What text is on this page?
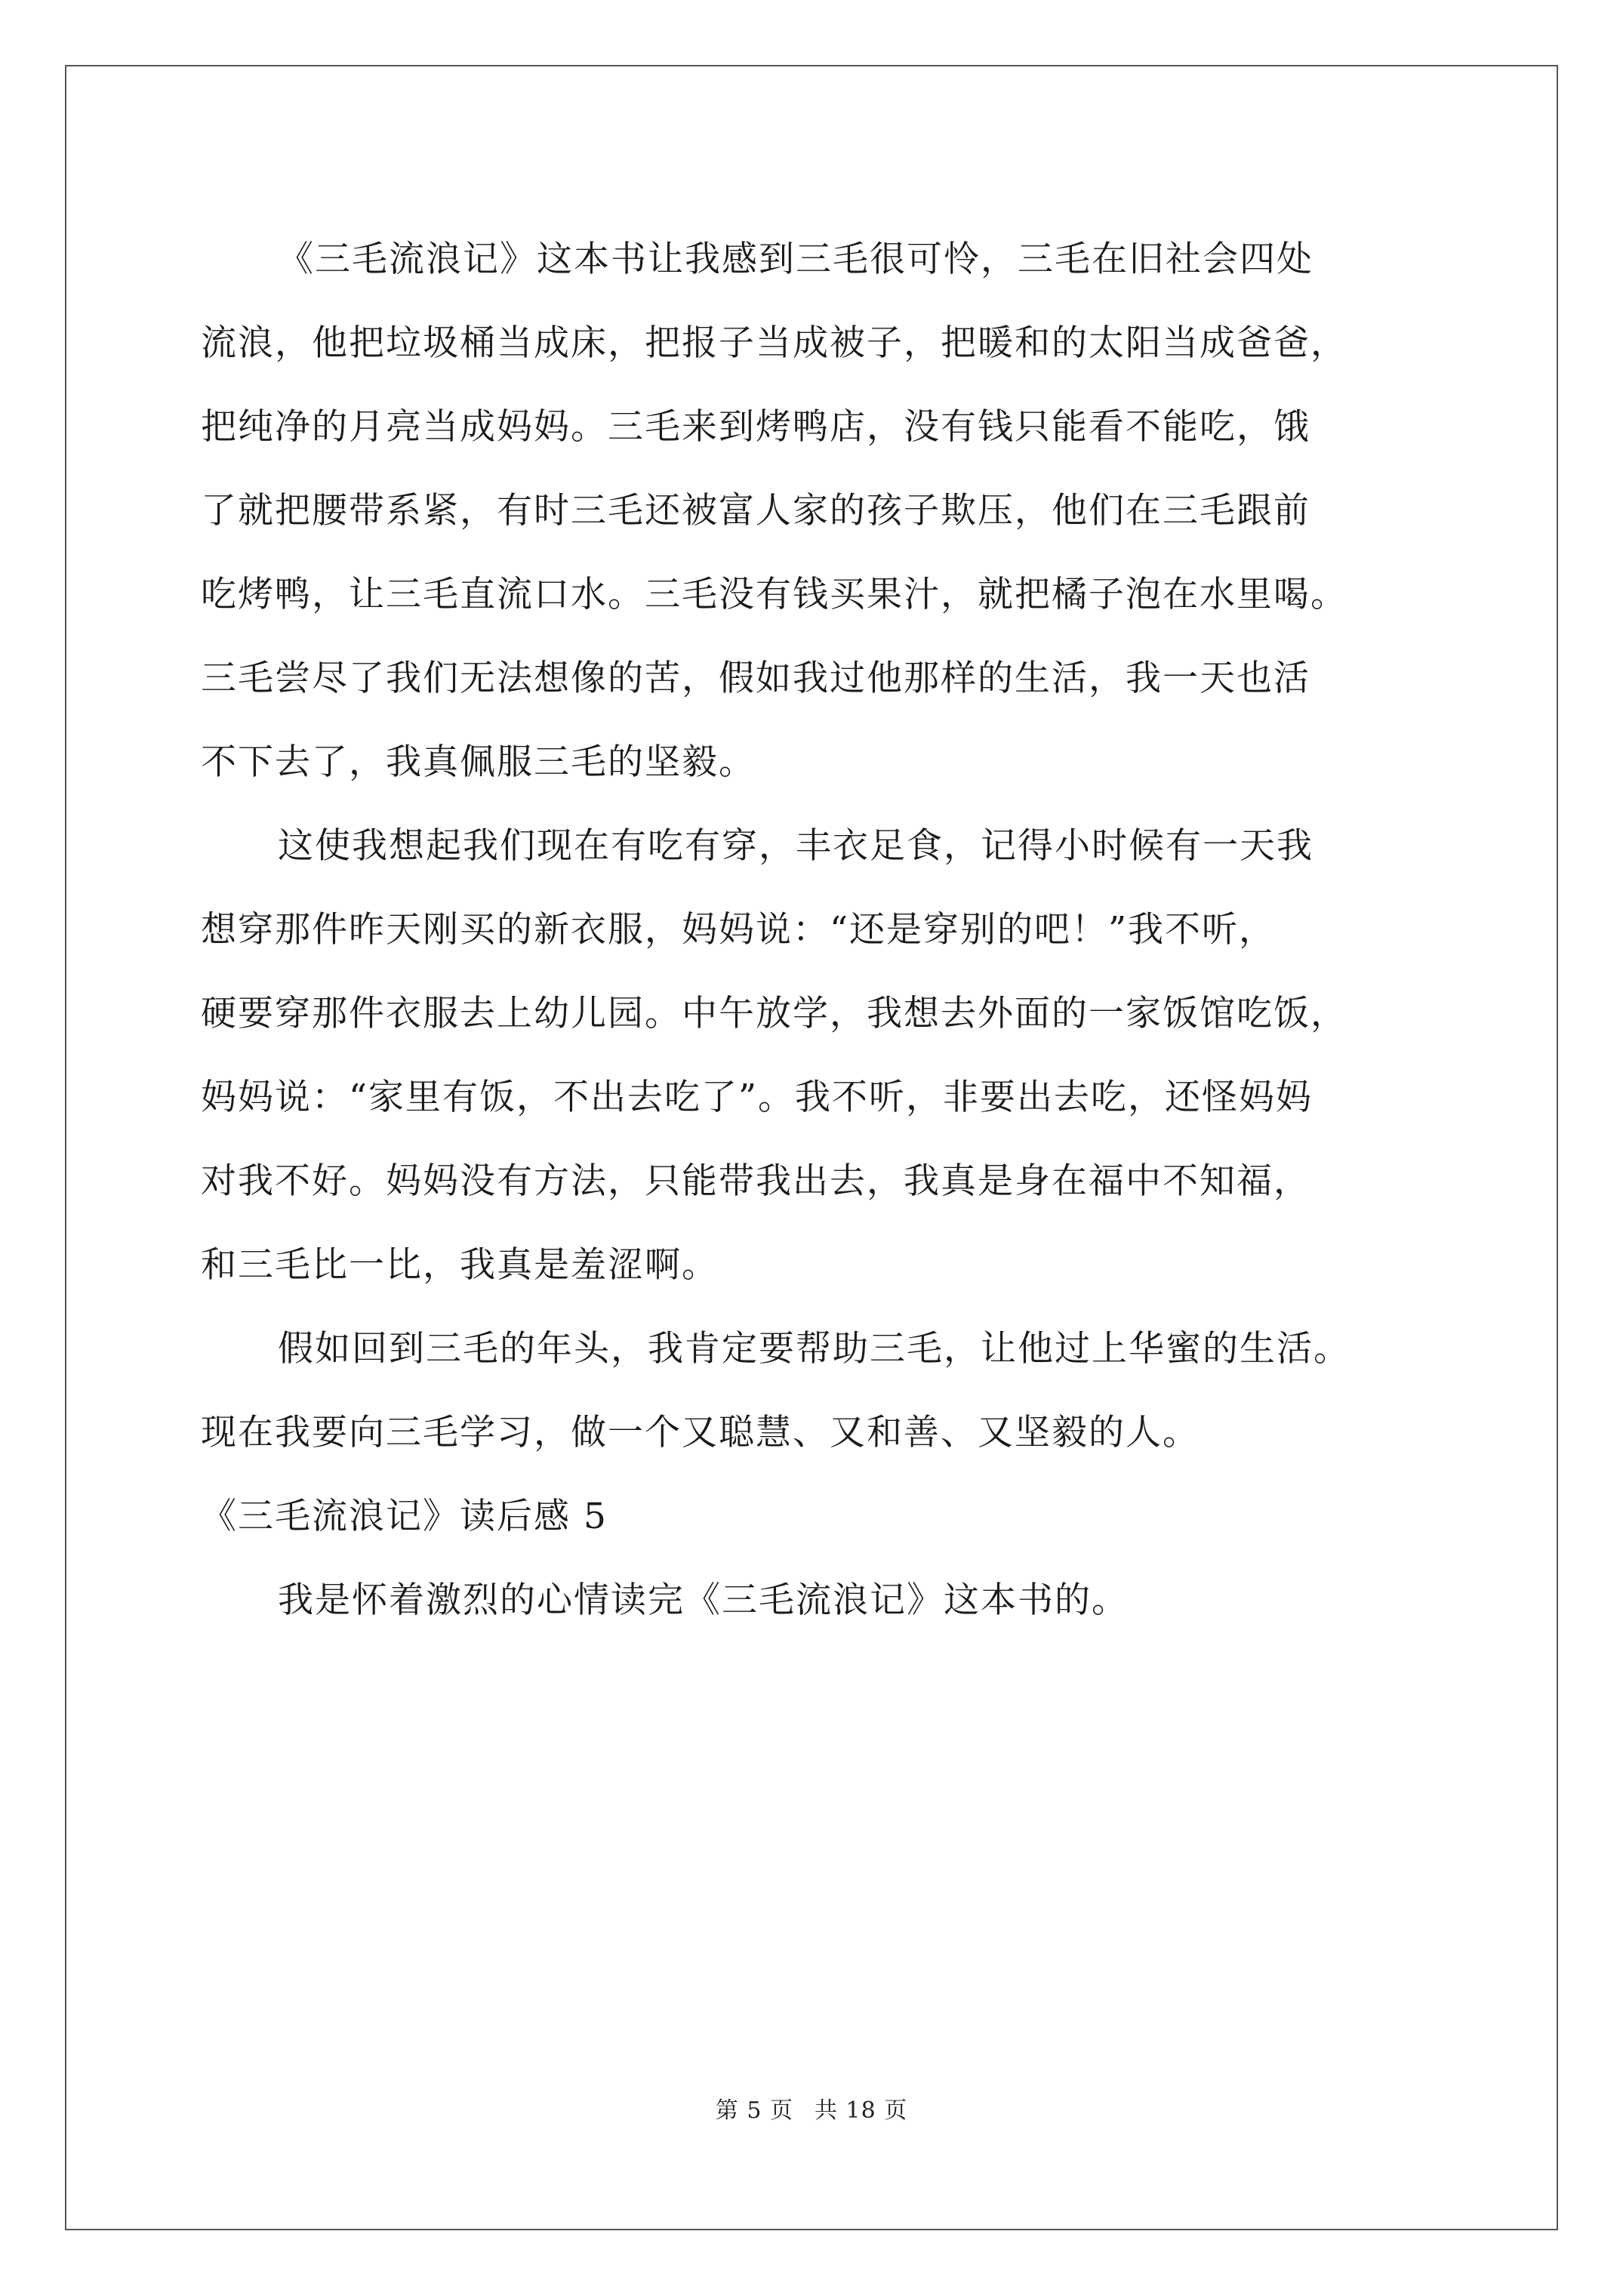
《三毛流浪记》这本书让我感到三毛很可怜，三毛在旧社会四处
流浪，他把垃圾桶当成床，把报子当成被子，把暖和的太阳当成爸爸，
把纯净的月亮当成妈妈。三毛来到烤鸭店，没有钱只能看不能吃，饿
了就把腰带系紧，有时三毛还被富人家的孩子欺压，他们在三毛跟前
吃烤鸭，让三毛直流口水。三毛没有钱买果汁，就把橘子泡在水里喝。
三毛尝尽了我们无法想像的苦，假如我过他那样的生活，我一天也活
不下去了，我真佩服三毛的坚毅。
这使我想起我们现在有吃有穿，丰衣足食，记得小时候有一天我
想穿那件昨天刚买的新衣服，妈妈说：“还是穿别的吧！”我不听，
硬要穿那件衣服去上幼儿园。中午放学，我想去外面的一家饭馆吃饭，
妈妈说：“家里有饭，不出去吃了”。我不听，非要出去吃，还怪妈妈
对我不好。妈妈没有方法，只能带我出去，我真是身在福中不知福，
和三毛比一比，我真是羞涩啊。
假如回到三毛的年头，我肯定要帮助三毛，让他过上华蜜的生活。
现在我要向三毛学习，做一个又聪慧、又和善、又坚毅的人。
《三毛流浪记》读后感 5
我是怀着激烈的心情读完《三毛流浪记》这本书的。
第 5 页 共 18 页
